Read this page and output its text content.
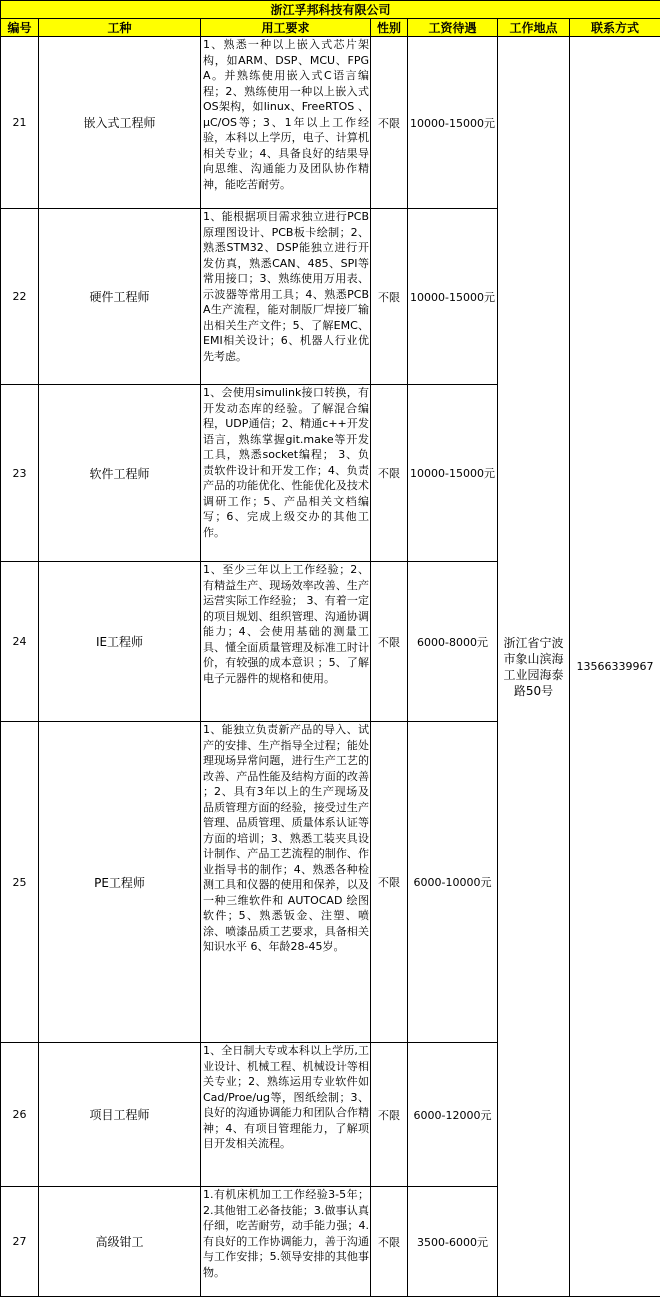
浙江孚邦科技有限公司						
编号	工种	用工要求	性别	工资待遇	工作地点	联系方式
21	嵌入式工程师	1、熟悉一种以上嵌入式芯片架构，如ARM、DSP、MCU、FPGA。并熟练使用嵌入式C语言编程；2、熟练使用一种以上嵌入式OS架构，如linux、FreeRTOS 、μC/OS等；3、1年以上工作经验，本科以上学历，电子、计算机相关专业；4、具备良好的结果导向思维、沟通能力及团队协作精神，能吃苦耐劳。	不限	10000-15000元	浙江省宁波市象山滨海工业园海泰路50号	13566339967
22	硬件工程师	1、能根据项目需求独立进行PCB原理图设计、PCB板卡绘制；2、熟悉STM32、DSP能独立进行开发仿真，熟悉CAN、485、SPI等常用接口；3、熟练使用万用表、示波器等常用工具；4、熟悉PCBA生产流程，能对制版厂焊接厂输出相关生产文件；5、了解EMC、EMI相关设计；6、机器人行业优先考虑。	不限	10000-15000元		
23	软件工程师	1、会使用simulink接口转换，有开发动态库的经验。了解混合编程，UDP通信；2、精通c++开发语言，熟练掌握git.make等开发工具，熟悉socket编程； 3、负责软件设计和开发工作；4、负责产品的功能优化、性能优化及技术调研工作；5、产品相关文档编写；6、完成上级交办的其他工作。	不限	10000-15000元		
24	IE工程师	1、至少三年以上工作经验；2、有精益生产、现场效率改善、生产运营实际工作经验； 3、有着一定的项目规划、组织管理、沟通协调能力；4、会使用基础的测量工具、懂全面质量管理及标准工时计价，有较强的成本意识 ；5、了解电子元器件的规格和使用。	不限	6000-8000元		
25	PE工程师	1、能独立负责新产品的导入、试产的安排、生产指导全过程；能处理现场异常问题，进行生产工艺的改善、产品性能及结构方面的改善 ；2、具有3年以上的生产现场及品质管理方面的经验，接受过生产管理、品质管理、质量体系认证等方面的培训；3、熟悉工装夹具设计制作、产品工艺流程的制作、作业指导书的制作；4、熟悉各种检测工具和仪器的使用和保养，以及一种三维软件和 AUTOCAD 绘图软件；5、熟悉钣金、注塑、喷涂、喷漆品质工艺要求，具备相关知识水平 6、年龄28-45岁。	不限	6000-10000元		
26	项目工程师	1、全日制大专或本科以上学历,工业设计、机械工程、机械设计等相关专业；2、熟练运用专业软件如Cad/Proe/ug等，图纸绘制；3、良好的沟通协调能力和团队合作精神；4、有项目管理能力，了解项目开发相关流程。	不限	6000-12000元		
27	高级钳工	1.有机床机加工工作经验3-5年；2.其他钳工必备技能；3.做事认真仔细，吃苦耐劳，动手能力强；4.有良好的工作协调能力，善于沟通与工作安排；5.领导安排的其他事物。	不限	3500-6000元		
